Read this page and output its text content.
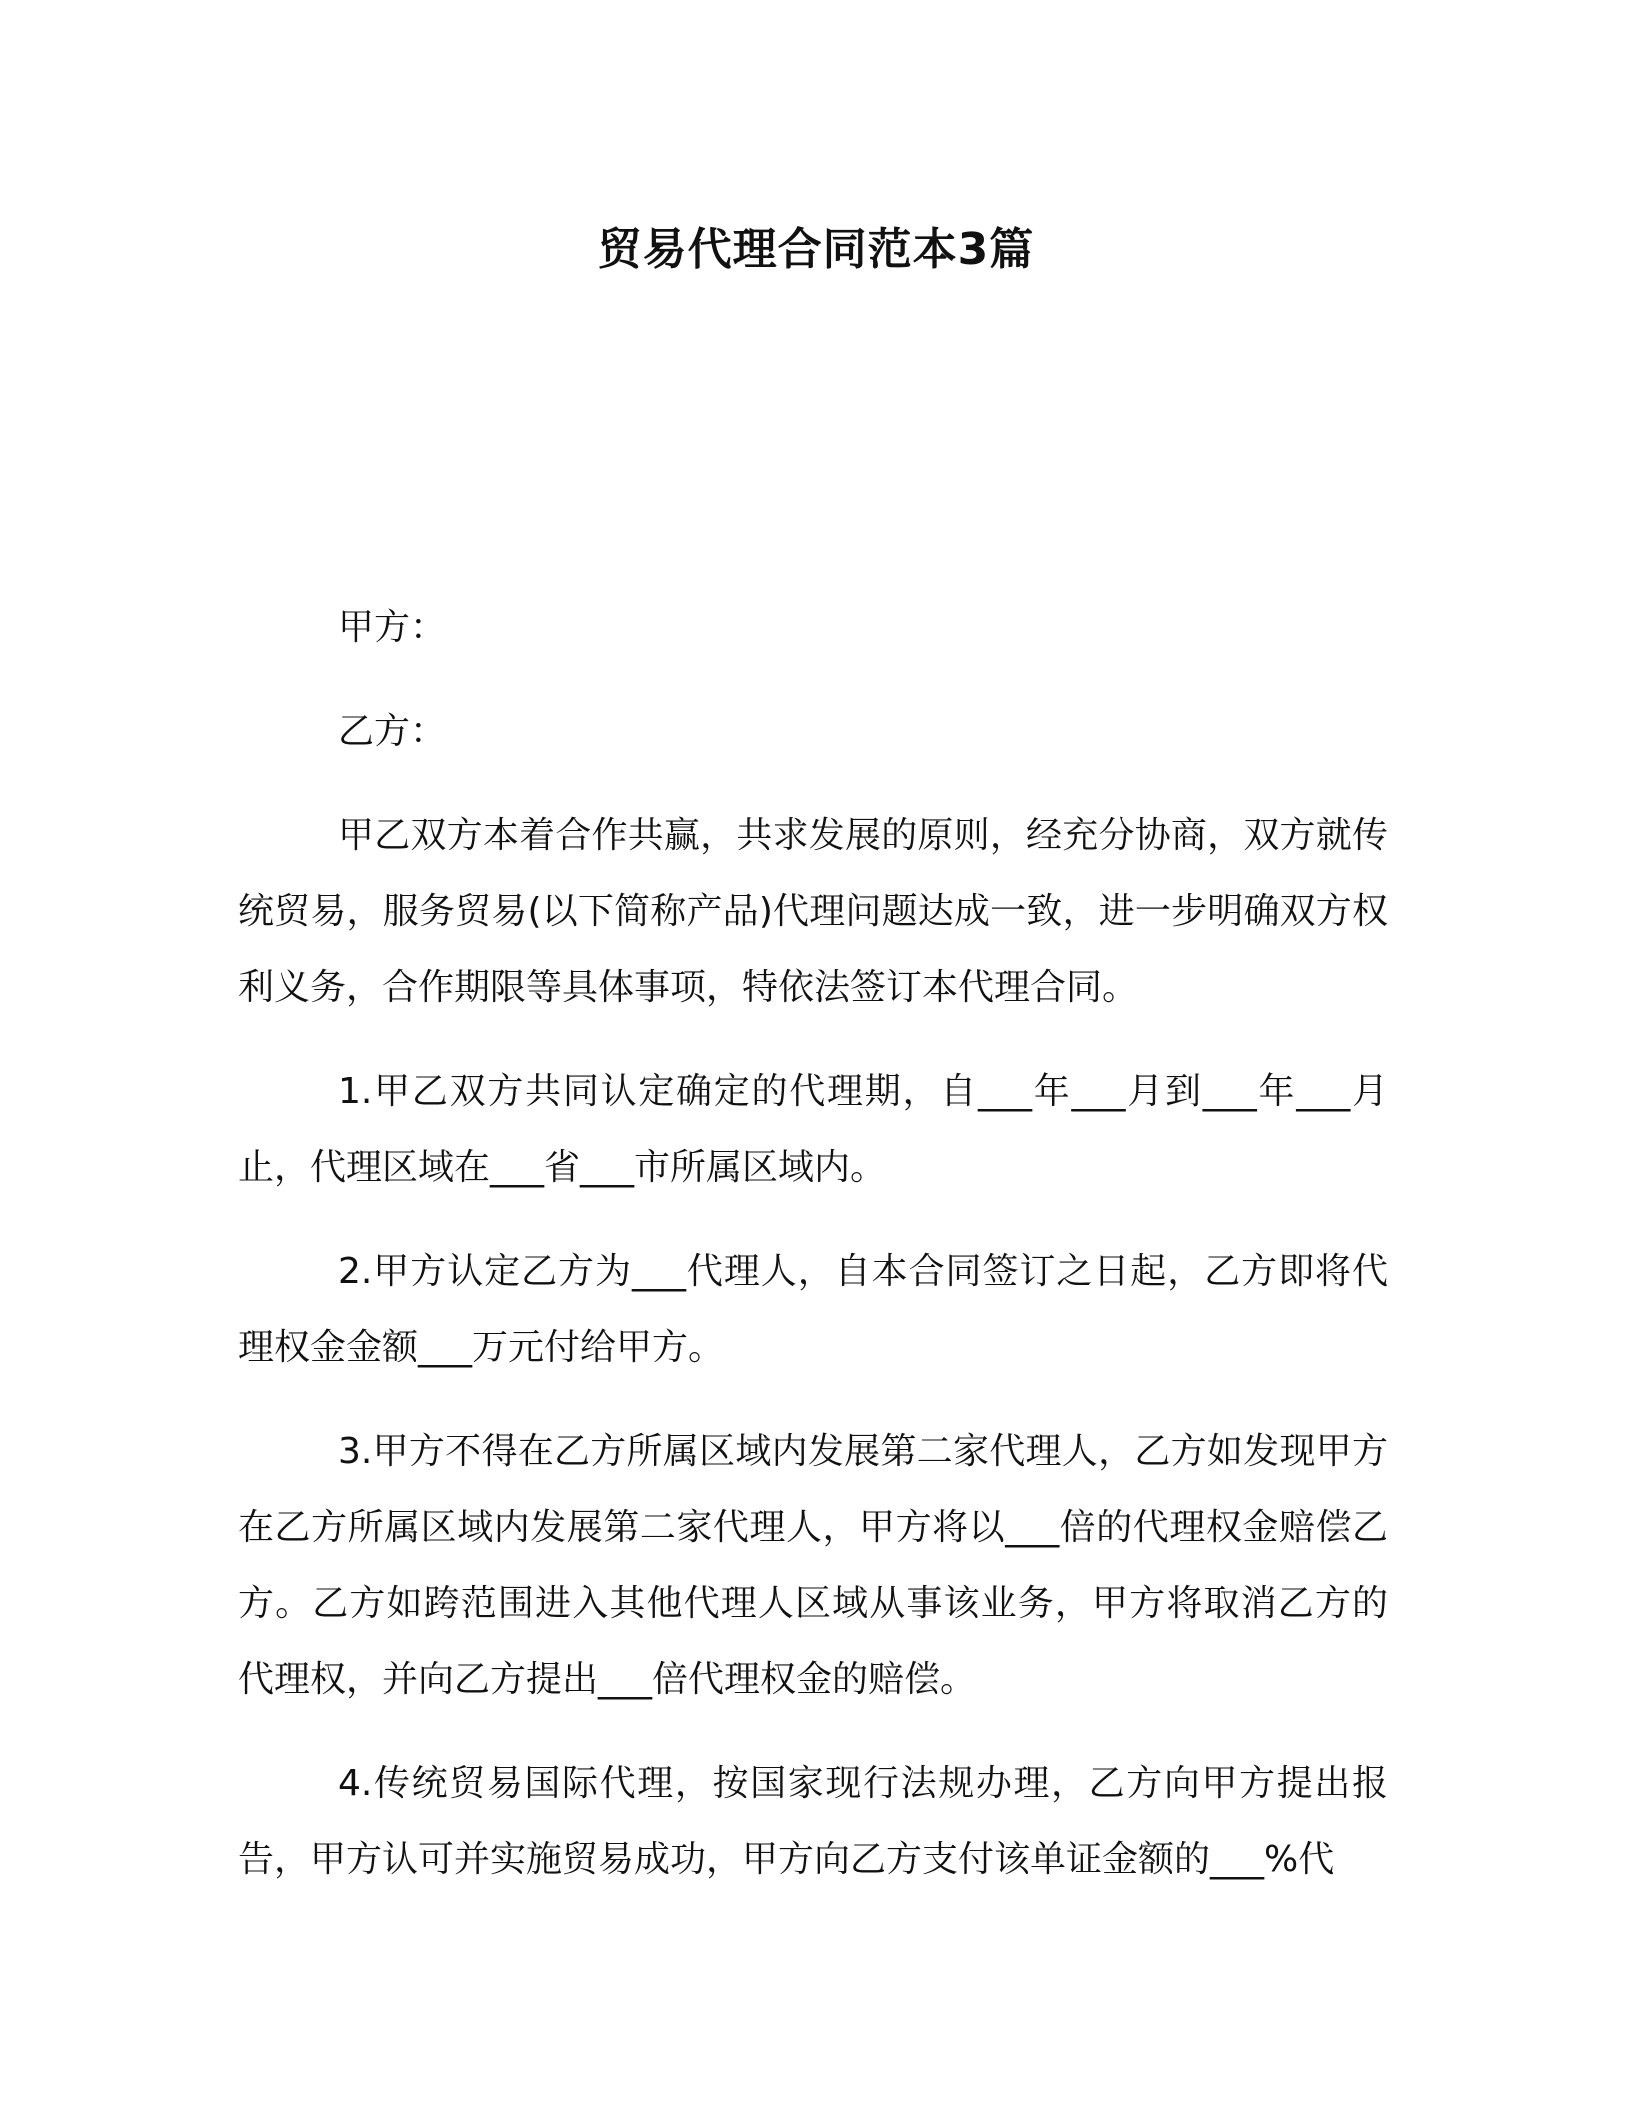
贸易代理合同范本3篇

甲方：

乙方：

甲乙双方本着合作共赢，共求发展的原则，经充分协商，双方就传统贸易，服务贸易(以下简称产品)代理问题达成一致，进一步明确双方权利义务，合作期限等具体事项，特依法签订本代理合同。

1.甲乙双方共同认定确定的代理期，自___年___月到___年___月止，代理区域在___省___市所属区域内。

2.甲方认定乙方为___代理人，自本合同签订之日起，乙方即将代理权金金额___万元付给甲方。

3.甲方不得在乙方所属区域内发展第二家代理人，乙方如发现甲方在乙方所属区域内发展第二家代理人，甲方将以___倍的代理权金赔偿乙方。乙方如跨范围进入其他代理人区域从事该业务，甲方将取消乙方的代理权，并向乙方提出___倍代理权金的赔偿。

4.传统贸易国际代理，按国家现行法规办理，乙方向甲方提出报告，甲方认可并实施贸易成功，甲方向乙方支付该单证金额的___%代
